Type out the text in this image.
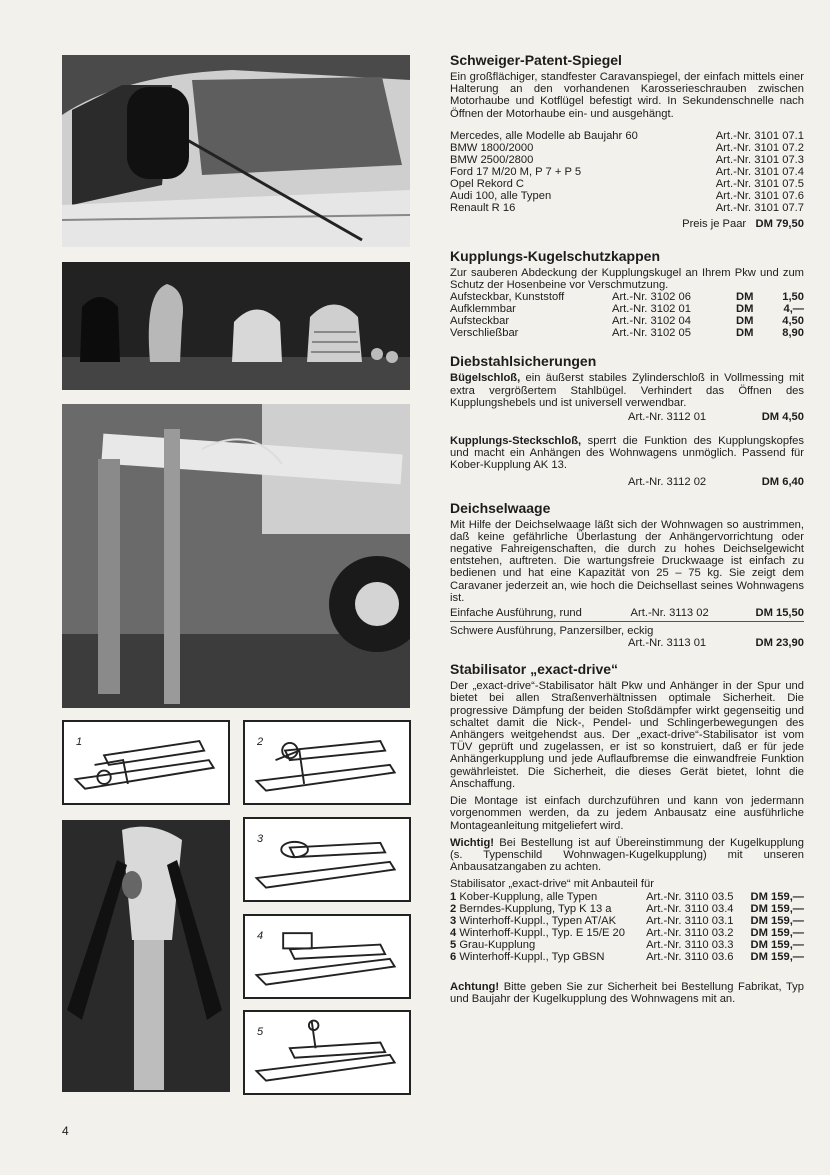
1	2
3
4
5
Schweiger-Patent-Spiegel

Ein großflächiger, standfester Caravanspiegel, der einfach mittels einer Halterung an den vorhandenen Karosserieschrauben zwischen Motorhaube und Kotflügel befestigt wird. In Sekundenschnelle nach Öffnen der Motorhaube ein- und ausgehängt.

Mercedes, alle Modelle ab Baujahr 60	Art.-Nr. 3101 07.1
BMW 1800/2000	Art.-Nr. 3101 07.2
BMW 2500/2800	Art.-Nr. 3101 07.3
Ford 17 M/20 M, P 7 + P 5	Art.-Nr. 3101 07.4
Opel Rekord C	Art.-Nr. 3101 07.5
Audi 100, alle Typen	Art.-Nr. 3101 07.6
Renault R 16	Art.-Nr. 3101 07.7
Preis je Paar DM 79,50
Kupplungs-Kugelschutzkappen

Zur sauberen Abdeckung der Kupplungskugel an Ihrem Pkw und zum Schutz der Hosenbeine vor Verschmutzung.

Aufsteckbar, Kunststoff	Art.-Nr. 3102 06	DM	1,50
Aufklemmbar	Art.-Nr. 3102 01	DM	4,—
Aufsteckbar	Art.-Nr. 3102 04	DM	4,50
Verschließbar	Art.-Nr. 3102 05	DM	8,90
Diebstahlsicherungen

Bügelschloß, ein äußerst stabiles Zylinderschloß in Vollmessing mit extra vergrößertem Stahlbügel. Verhindert das Öffnen des Kupplungshebels und ist universell verwendbar.

Art.-Nr. 3112 01	DM 4,50

Kupplungs-Steckschloß, sperrt die Funktion des Kupplungskopfes und macht ein Anhängen des Wohnwagens unmöglich. Passend für Kober-Kupplung AK 13.

Art.-Nr. 3112 02	DM 6,40
Deichselwaage

Mit Hilfe der Deichselwaage läßt sich der Wohnwagen so austrimmen, daß keine gefährliche Überlastung der Anhängervorrichtung oder negative Fahreigenschaften, die durch zu hohes Deichselgewicht entstehen, auftreten. Die wartungsfreie Druckwaage ist einfach zu bedienen und hat eine Kapazität von 25 – 75 kg. Sie zeigt dem Caravaner jederzeit an, wie hoch die Deichsellast seines Wohnwagens ist.

Einfache Ausführung, rund	Art.-Nr. 3113 02	DM 15,50
Schwere Ausführung, Panzersilber, eckig
Art.-Nr. 3113 01	DM 23,90
Stabilisator „exact-drive“

Der „exact-drive“-Stabilisator hält Pkw und Anhänger in der Spur und bietet bei allen Straßenverhältnissen optimale Sicherheit. Die progressive Dämpfung der beiden Stoßdämpfer wirkt gegenseitig und schaltet damit die Nick-, Pendel- und Schlingerbewegungen des Anhängers weitgehendst aus. Der „exact-drive“-Stabilisator ist vom TÜV geprüft und zugelassen, er ist so konstruiert, daß er für jede Anhängerkupplung und jede Auflaufbremse die einwandfreie Funktion gewährleistet. Die Sicherheit, die dieses Gerät bietet, lohnt die Anschaffung.

Die Montage ist einfach durchzuführen und kann von jedermann vorgenommen werden, da zu jedem Anbausatz eine ausführliche Montageanleitung mitgeliefert wird.

Wichtig! Bei Bestellung ist auf Übereinstimmung der Kugelkupplung (s. Typenschild Wohnwagen-Kugelkupplung) mit unseren Anbausatzangaben zu achten.

Stabilisator „exact-drive“ mit Anbauteil für
1 Kober-Kupplung, alle Typen	Art.-Nr. 3110 03.5	DM 159,—
2 Berndes-Kupplung, Typ K 13 a	Art.-Nr. 3110 03.4	DM 159,—
3 Winterhoff-Kuppl., Typen AT/AK	Art.-Nr. 3110 03.1	DM 159,—
4 Winterhoff-Kuppl., Typ. E 15/E 20	Art.-Nr. 3110 03.2	DM 159,—
5 Grau-Kupplung	Art.-Nr. 3110 03.3	DM 159,—
6 Winterhoff-Kuppl., Typ GBSN	Art.-Nr. 3110 03.6	DM 159,—

Achtung! Bitte geben Sie zur Sicherheit bei Bestellung Fabrikat, Typ und Baujahr der Kugelkupplung des Wohnwagens mit an.

4
